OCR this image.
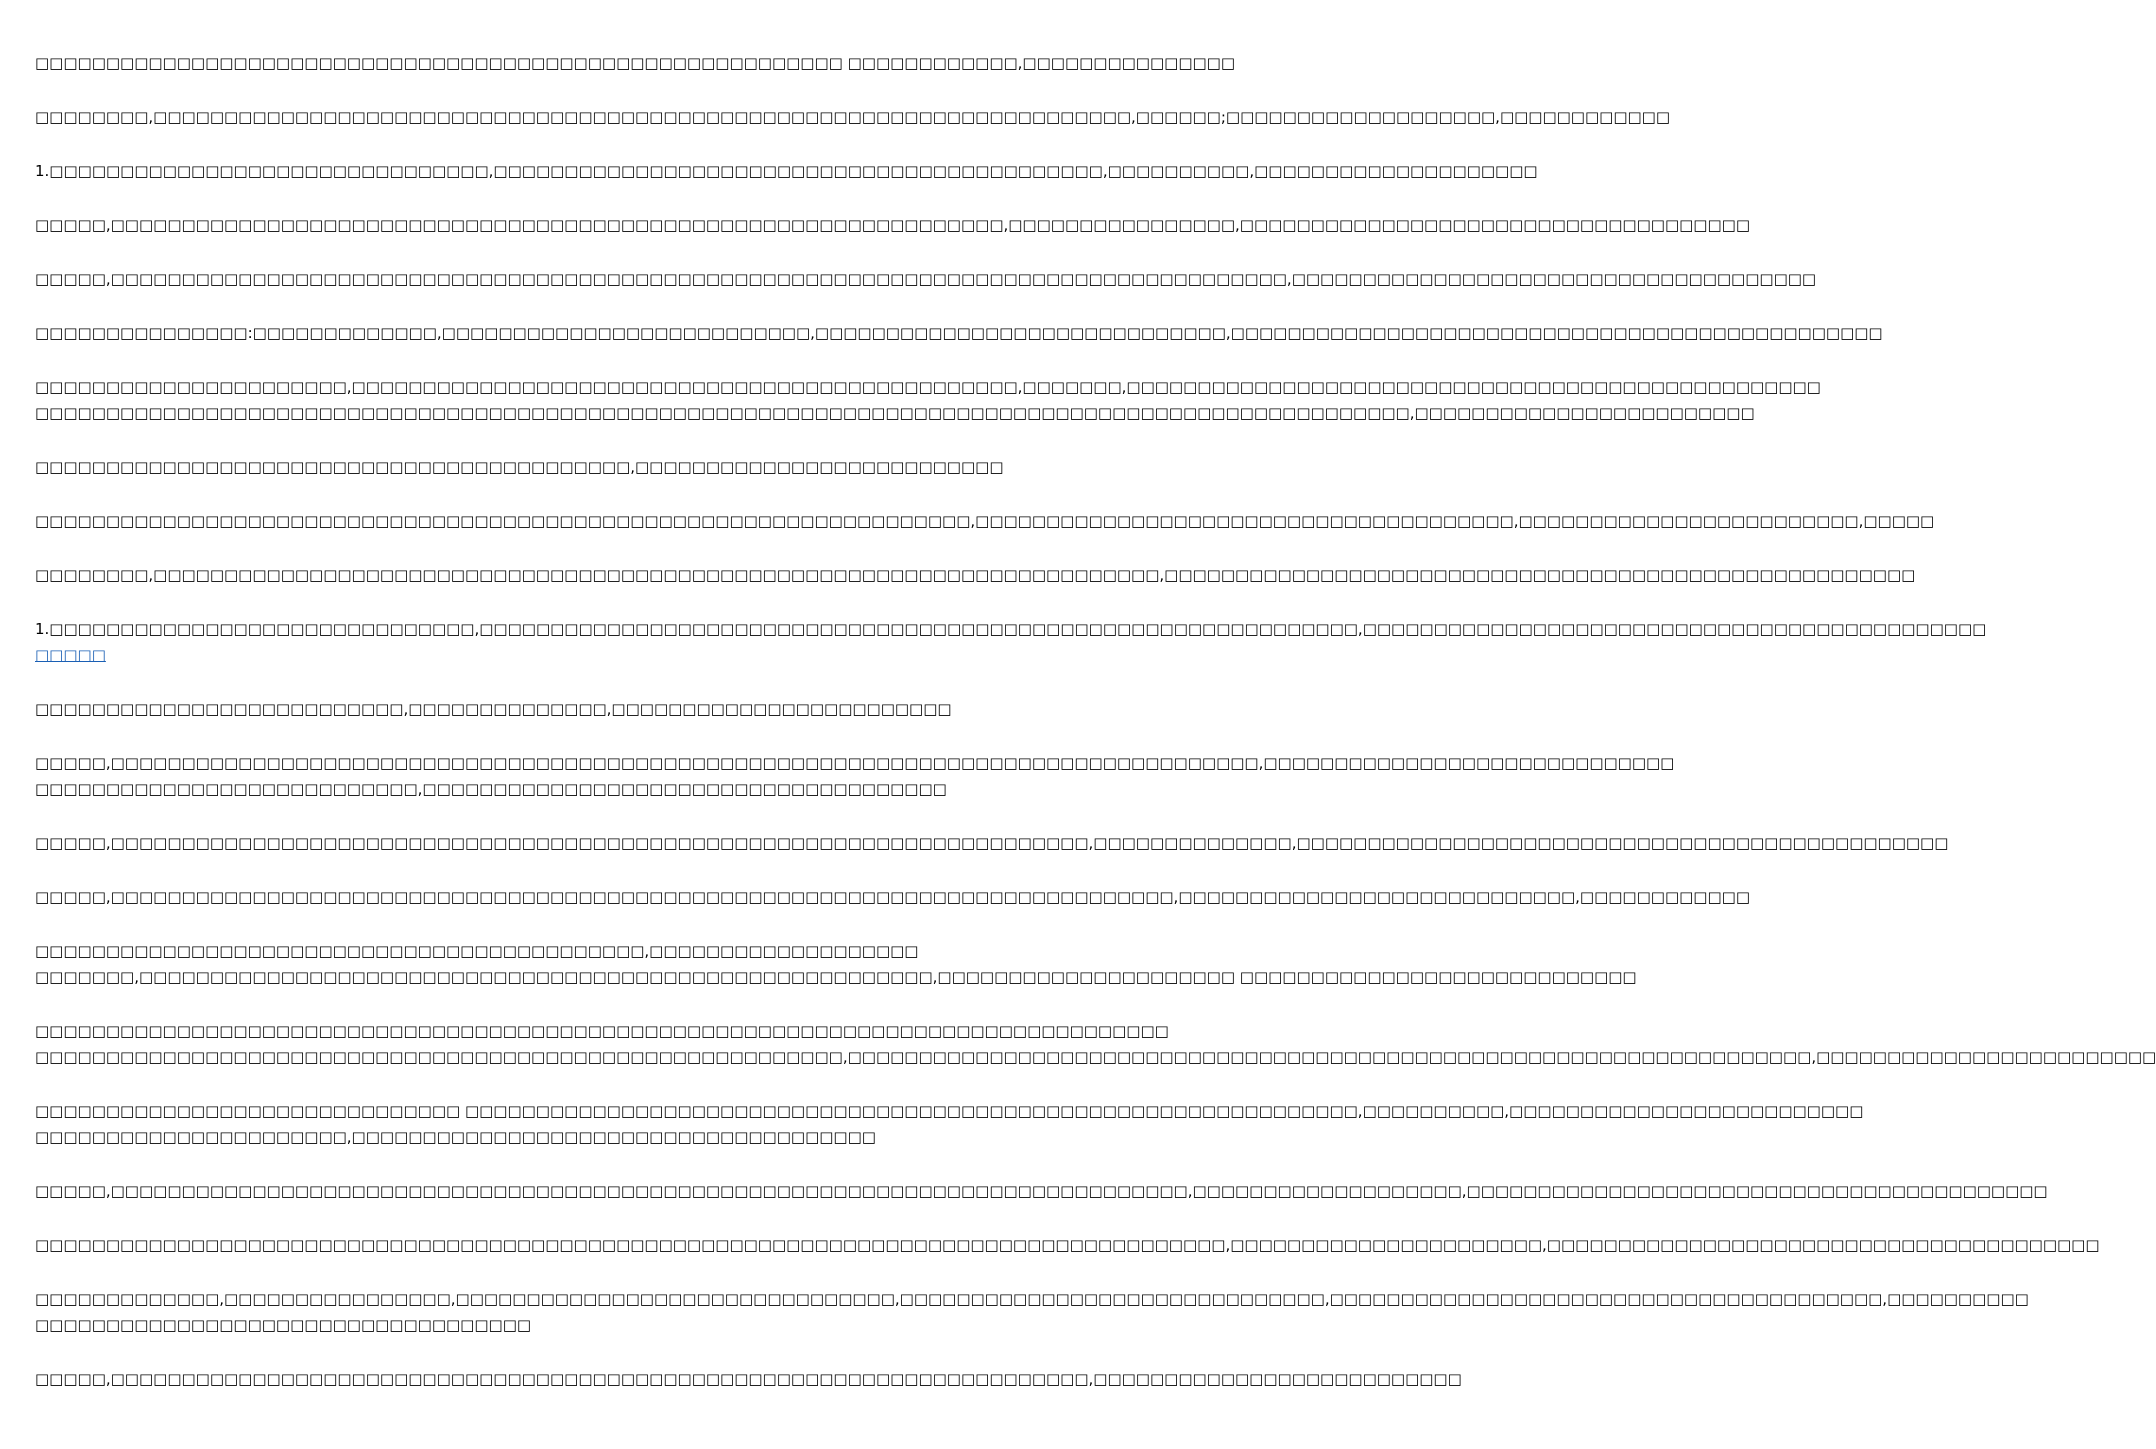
□□□□□□□□□□□□□□□□□□□□□□□□□□□□□□□□□□□□□□□□□□□□□□□□□□□□□□□□□ □□□□□□□□□□□□,□□□□□□□□□□□□□□□

□□□□□□□□,□□□□□□□□□□□□□□□□□□□□□□□□□□□□□□□□□□□□□□□□□□□□□□□□□□□□□□□□□□□□□□□□□□□□□,□□□□□□;□□□□□□□□□□□□□□□□□□□,□□□□□□□□□□□□

1.□□□□□□□□□□□□□□□□□□□□□□□□□□□□□□□,□□□□□□□□□□□□□□□□□□□□□□□□□□□□□□□□□□□□□□□□□□□,□□□□□□□□□□,□□□□□□□□□□□□□□□□□□□□

□□□□□,□□□□□□□□□□□□□□□□□□□□□□□□□□□□□□□□□□□□□□□□□□□□□□□□□□□□□□□□□□□□□□□,□□□□□□□□□□□□□□□□,□□□□□□□□□□□□□□□□□□□□□□□□□□□□□□□□□□□□

□□□□□,□□□□□□□□□□□□□□□□□□□□□□□□□□□□□□□□□□□□□□□□□□□□□□□□□□□□□□□□□□□□□□□□□□□□□□□□□□□□□□□□□□□,□□□□□□□□□□□□□□□□□□□□□□□□□□□□□□□□□□□□□

□□□□□□□□□□□□□□□:□□□□□□□□□□□□□,□□□□□□□□□□□□□□□□□□□□□□□□□□,□□□□□□□□□□□□□□□□□□□□□□□□□□□□□,□□□□□□□□□□□□□□□□□□□□□□□□□□□□□□□□□□□□□□□□□□□□□□

□□□□□□□□□□□□□□□□□□□□□□,□□□□□□□□□□□□□□□□□□□□□□□□□□□□□□□□□□□□□□□□□□□□□□□,□□□□□□□,□□□□□□□□□□□□□□□□□□□□□□□□□□□□□□□□□□□□□□□□□□□□□□□□□
□□□□□□□□□□□□□□□□□□□□□□□□□□□□□□□□□□□□□□□□□□□□□□□□□□□□□□□□□□□□□□□□□□□□□□□□□□□□□□□□□□□□□□□□□□□□□□□□□,□□□□□□□□□□□□□□□□□□□□□□□□

□□□□□□□□□□□□□□□□□□□□□□□□□□□□□□□□□□□□□□□□□□,□□□□□□□□□□□□□□□□□□□□□□□□□□

□□□□□□□□□□□□□□□□□□□□□□□□□□□□□□□□□□□□□□□□□□□□□□□□□□□□□□□□□□□□□□□□□□,□□□□□□□□□□□□□□□□□□□□□□□□□□□□□□□□□□□□□□,□□□□□□□□□□□□□□□□□□□□□□□□,□□□□□

□□□□□□□□,□□□□□□□□□□□□□□□□□□□□□□□□□□□□□□□□□□□□□□□□□□□□□□□□□□□□□□□□□□□□□□□□□□□□□□□,□□□□□□□□□□□□□□□□□□□□□□□□□□□□□□□□□□□□□□□□□□□□□□□□□□□□□

1.□□□□□□□□□□□□□□□□□□□□□□□□□□□□□□,□□□□□□□□□□□□□□□□□□□□□□□□□□□□□□□□□□□□□□□□□□□□□□□□□□□□□□□□□□□□□□,□□□□□□□□□□□□□□□□□□□□□□□□□□□□□□□□□□□□□□□□□□□□
□□□□□

□□□□□□□□□□□□□□□□□□□□□□□□□□,□□□□□□□□□□□□□□,□□□□□□□□□□□□□□□□□□□□□□□□

□□□□□,□□□□□□□□□□□□□□□□□□□□□□□□□□□□□□□□□□□□□□□□□□□□□□□□□□□□□□□□□□□□□□□□□□□□□□□□□□□□□□□□□,□□□□□□□□□□□□□□□□□□□□□□□□□□□□□
□□□□□□□□□□□□□□□□□□□□□□□□□□□,□□□□□□□□□□□□□□□□□□□□□□□□□□□□□□□□□□□□□

□□□□□,□□□□□□□□□□□□□□□□□□□□□□□□□□□□□□□□□□□□□□□□□□□□□□□□□□□□□□□□□□□□□□□□□□□□□,□□□□□□□□□□□□□□,□□□□□□□□□□□□□□□□□□□□□□□□□□□□□□□□□□□□□□□□□□□□□□

□□□□□,□□□□□□□□□□□□□□□□□□□□□□□□□□□□□□□□□□□□□□□□□□□□□□□□□□□□□□□□□□□□□□□□□□□□□□□□□□□,□□□□□□□□□□□□□□□□□□□□□□□□□□□□,□□□□□□□□□□□□

□□□□□□□□□□□□□□□□□□□□□□□□□□□□□□□□□□□□□□□□□□□,□□□□□□□□□□□□□□□□□□□
□□□□□□□,□□□□□□□□□□□□□□□□□□□□□□□□□□□□□□□□□□□□□□□□□□□□□□□□□□□□□□□□,□□□□□□□□□□□□□□□□□□□□□ □□□□□□□□□□□□□□□□□□□□□□□□□□□□

□□□□□□□□□□□□□□□□□□□□□□□□□□□□□□□□□□□□□□□□□□□□□□□□□□□□□□□□□□□□□□□□□□□□□□□□□□□□□□□□
□□□□□□□□□□□□□□□□□□□□□□□□□□□□□□□□□□□□□□□□□□□□□□□□□□□□□□□□□,□□□□□□□□□□□□□□□□□□□□□□□□□□□□□□□□□□□□□□□□□□□□□□□□□□□□□□□□□□□□□□□□□□□□,□□□□□□□□□□□□□□□□□□□□□□□□

□□□□□□□□□□□□□□□□□□□□□□□□□□□□□□ □□□□□□□□□□□□□□□□□□□□□□□□□□□□□□□□□□□□□□□□□□□□□□□□□□□□□□□□□□□□□□□,□□□□□□□□□□,□□□□□□□□□□□□□□□□□□□□□□□□□
□□□□□□□□□□□□□□□□□□□□□□,□□□□□□□□□□□□□□□□□□□□□□□□□□□□□□□□□□□□□

□□□□□,□□□□□□□□□□□□□□□□□□□□□□□□□□□□□□□□□□□□□□□□□□□□□□□□□□□□□□□□□□□□□□□□□□□□□□□□□□□□,□□□□□□□□□□□□□□□□□□□,□□□□□□□□□□□□□□□□□□□□□□□□□□□□□□□□□□□□□□□□□

□□□□□□□□□□□□□□□□□□□□□□□□□□□□□□□□□□□□□□□□□□□□□□□□□□□□□□□□□□□□□□□□□□□□□□□□□□□□□□□□□□□□,□□□□□□□□□□□□□□□□□□□□□□,□□□□□□□□□□□□□□□□□□□□□□□□□□□□□□□□□□□□□□□

□□□□□□□□□□□□□,□□□□□□□□□□□□□□□□,□□□□□□□□□□□□□□□□□□□□□□□□□□□□□□□,□□□□□□□□□□□□□□□□□□□□□□□□□□□□□□,□□□□□□□□□□□□□□□□□□□□□□□□□□□□□□□□□□□□□□□,□□□□□□□□□□
□□□□□□□□□□□□□□□□□□□□□□□□□□□□□□□□□□□

□□□□□,□□□□□□□□□□□□□□□□□□□□□□□□□□□□□□□□□□□□□□□□□□□□□□□□□□□□□□□□□□□□□□□□□□□□□,□□□□□□□□□□□□□□□□□□□□□□□□□□
